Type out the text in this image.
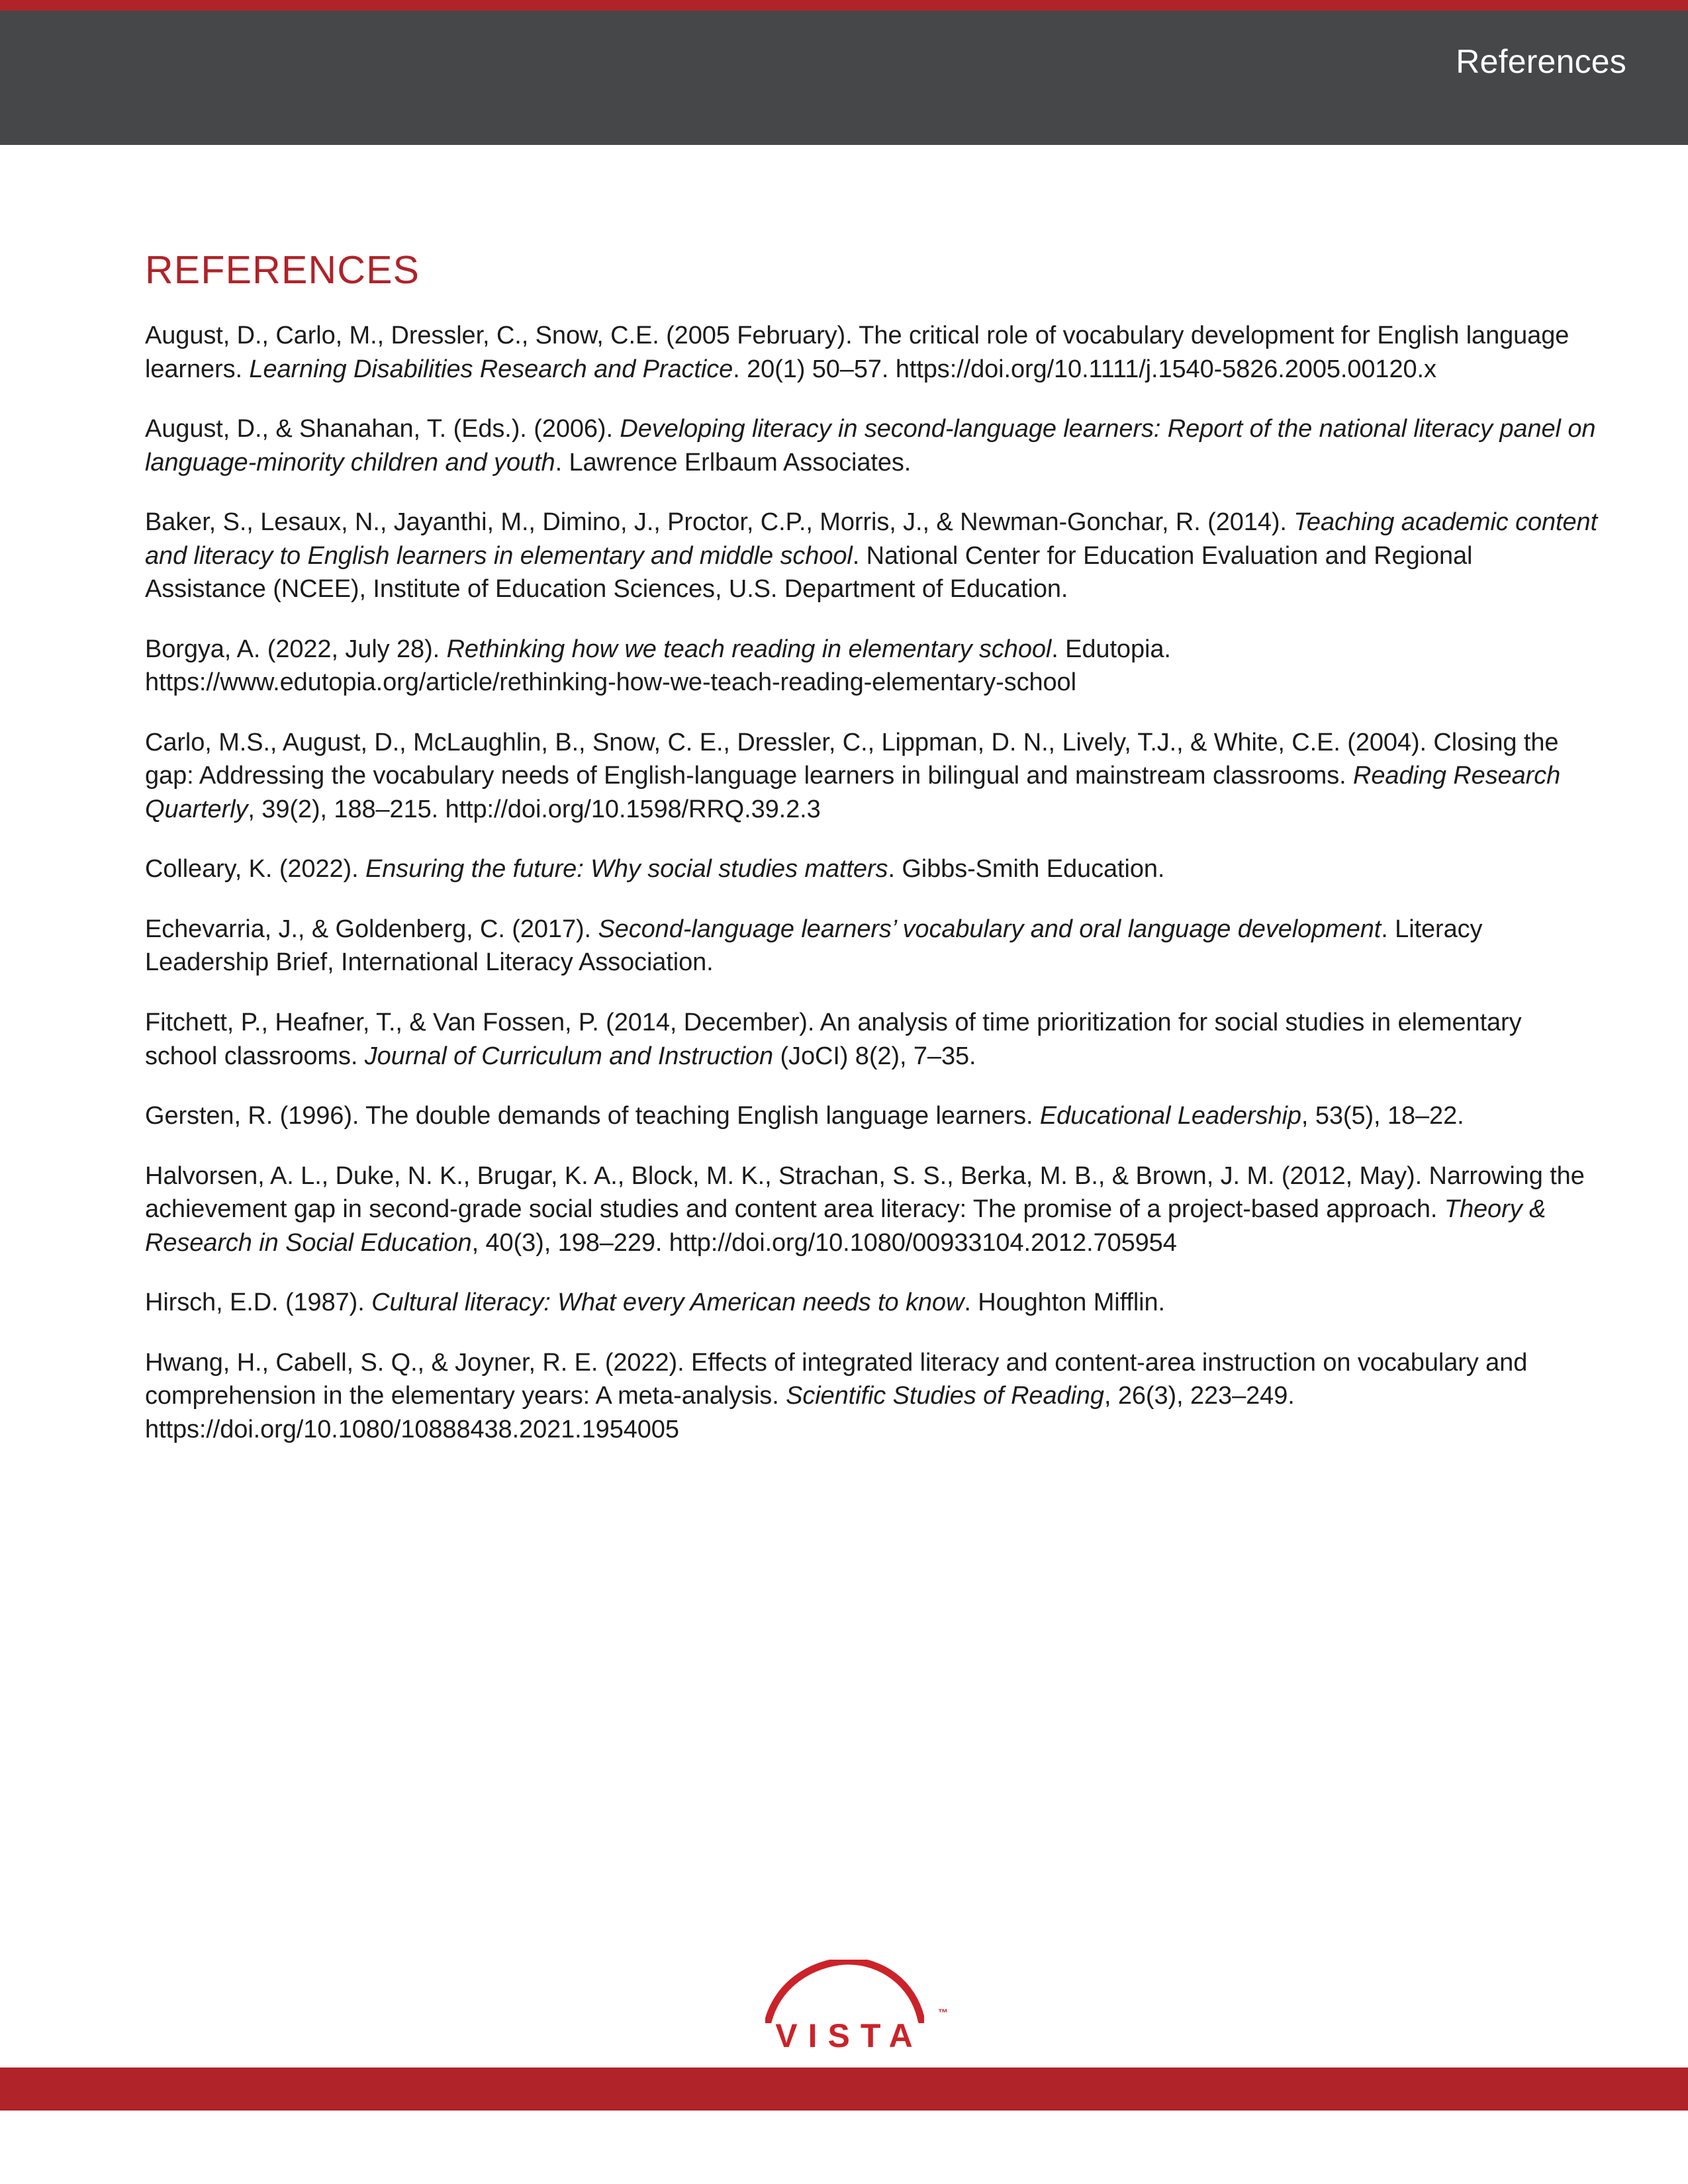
References
REFERENCES
August, D., Carlo, M., Dressler, C., Snow, C.E. (2005 February). The critical role of vocabulary development for English language learners. Learning Disabilities Research and Practice. 20(1) 50–57. https://doi.org/10.1111/j.1540-5826.2005.00120.x
August, D., & Shanahan, T. (Eds.). (2006). Developing literacy in second-language learners: Report of the national literacy panel on language-minority children and youth. Lawrence Erlbaum Associates.
Baker, S., Lesaux, N., Jayanthi, M., Dimino, J., Proctor, C.P., Morris, J., & Newman-Gonchar, R. (2014). Teaching academic content and literacy to English learners in elementary and middle school. National Center for Education Evaluation and Regional Assistance (NCEE), Institute of Education Sciences, U.S. Department of Education.
Borgya, A. (2022, July 28). Rethinking how we teach reading in elementary school. Edutopia. https://www.edutopia.org/article/rethinking-how-we-teach-reading-elementary-school
Carlo, M.S., August, D., McLaughlin, B., Snow, C. E., Dressler, C., Lippman, D. N., Lively, T.J., & White, C.E. (2004). Closing the gap: Addressing the vocabulary needs of English-language learners in bilingual and mainstream classrooms. Reading Research Quarterly, 39(2), 188–215. http://doi.org/10.1598/RRQ.39.2.3
Colleary, K. (2022). Ensuring the future: Why social studies matters. Gibbs-Smith Education.
Echevarria, J., & Goldenberg, C. (2017). Second-language learners’ vocabulary and oral language development. Literacy Leadership Brief, International Literacy Association.
Fitchett, P., Heafner, T., & Van Fossen, P. (2014, December). An analysis of time prioritization for social studies in elementary school classrooms. Journal of Curriculum and Instruction (JoCI) 8(2), 7–35.
Gersten, R. (1996). The double demands of teaching English language learners. Educational Leadership, 53(5), 18–22.
Halvorsen, A. L., Duke, N. K., Brugar, K. A., Block, M. K., Strachan, S. S., Berka, M. B., & Brown, J. M. (2012, May). Narrowing the achievement gap in second-grade social studies and content area literacy: The promise of a project-based approach. Theory & Research in Social Education, 40(3), 198–229. http://doi.org/10.1080/00933104.2012.705954
Hirsch, E.D. (1987). Cultural literacy: What every American needs to know. Houghton Mifflin.
Hwang, H., Cabell, S. Q., & Joyner, R. E. (2022). Effects of integrated literacy and content-area instruction on vocabulary and comprehension in the elementary years: A meta-analysis. Scientific Studies of Reading, 26(3), 223–249. https://doi.org/10.1080/10888438.2021.1954005
VISTA
™
